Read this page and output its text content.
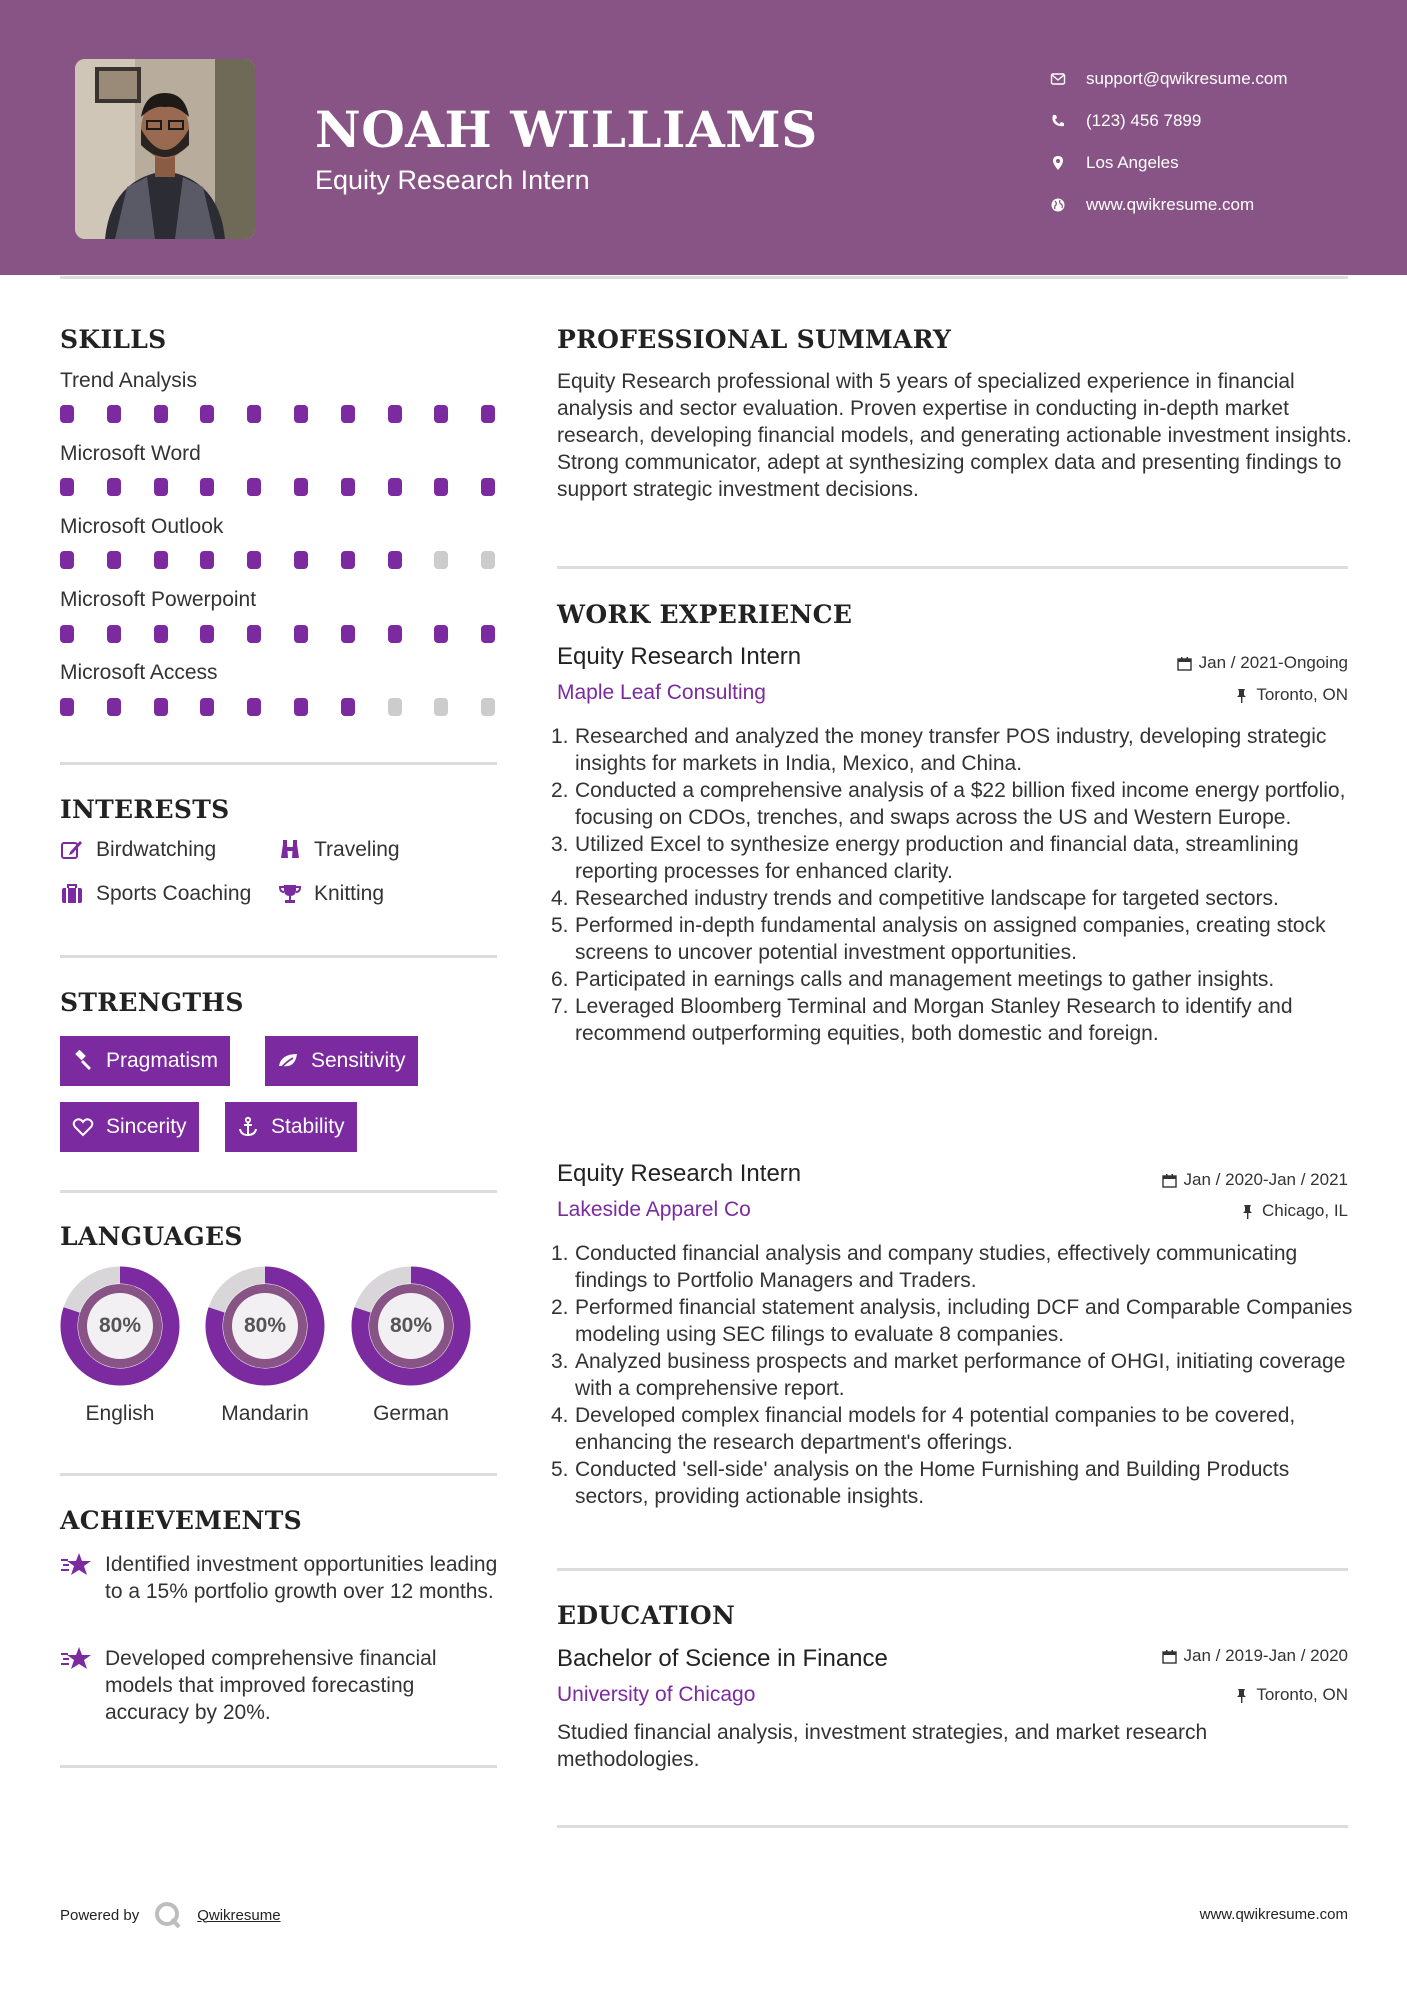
NOAH WILLIAMS
Equity Research Intern
support@qwikresume.com
(123) 456 7899
Los Angeles
www.qwikresume.com
SKILLS
Trend Analysis
Microsoft Word
Microsoft Outlook
Microsoft Powerpoint
Microsoft Access
INTERESTS
Birdwatching	Traveling
Sports Coaching	Knitting
STRENGTHS
Pragmatism	Sensitivity
Sincerity	Stability
LANGUAGES
80%
English
80%
Mandarin
80%
German
ACHIEVEMENTS
Identified investment opportunities leading to a 15% portfolio growth over 12 months.
Developed comprehensive financial models that improved forecasting accuracy by 20%.
PROFESSIONAL SUMMARY
Equity Research professional with 5 years of specialized experience in financial analysis and sector evaluation. Proven expertise in conducting in-depth market research, developing financial models, and generating actionable investment insights. Strong communicator, adept at synthesizing complex data and presenting findings to support strategic investment decisions.
WORK EXPERIENCE
Equity Research Intern	Jan / 2021-Ongoing
Maple Leaf Consulting	Toronto, ON
1. Researched and analyzed the money transfer POS industry, developing strategic insights for markets in India, Mexico, and China.
2. Conducted a comprehensive analysis of a $22 billion fixed income energy portfolio, focusing on CDOs, trenches, and swaps across the US and Western Europe.
3. Utilized Excel to synthesize energy production and financial data, streamlining reporting processes for enhanced clarity.
4. Researched industry trends and competitive landscape for targeted sectors.
5. Performed in-depth fundamental analysis on assigned companies, creating stock screens to uncover potential investment opportunities.
6. Participated in earnings calls and management meetings to gather insights.
7. Leveraged Bloomberg Terminal and Morgan Stanley Research to identify and recommend outperforming equities, both domestic and foreign.
Equity Research Intern	Jan / 2020-Jan / 2021
Lakeside Apparel Co	Chicago, IL
1. Conducted financial analysis and company studies, effectively communicating findings to Portfolio Managers and Traders.
2. Performed financial statement analysis, including DCF and Comparable Companies modeling using SEC filings to evaluate 8 companies.
3. Analyzed business prospects and market performance of OHGI, initiating coverage with a comprehensive report.
4. Developed complex financial models for 4 potential companies to be covered, enhancing the research department's offerings.
5. Conducted 'sell-side' analysis on the Home Furnishing and Building Products sectors, providing actionable insights.
EDUCATION
Bachelor of Science in Finance	Jan / 2019-Jan / 2020
University of Chicago	Toronto, ON
Studied financial analysis, investment strategies, and market research methodologies.
Powered by	Qwikresume	www.qwikresume.com
